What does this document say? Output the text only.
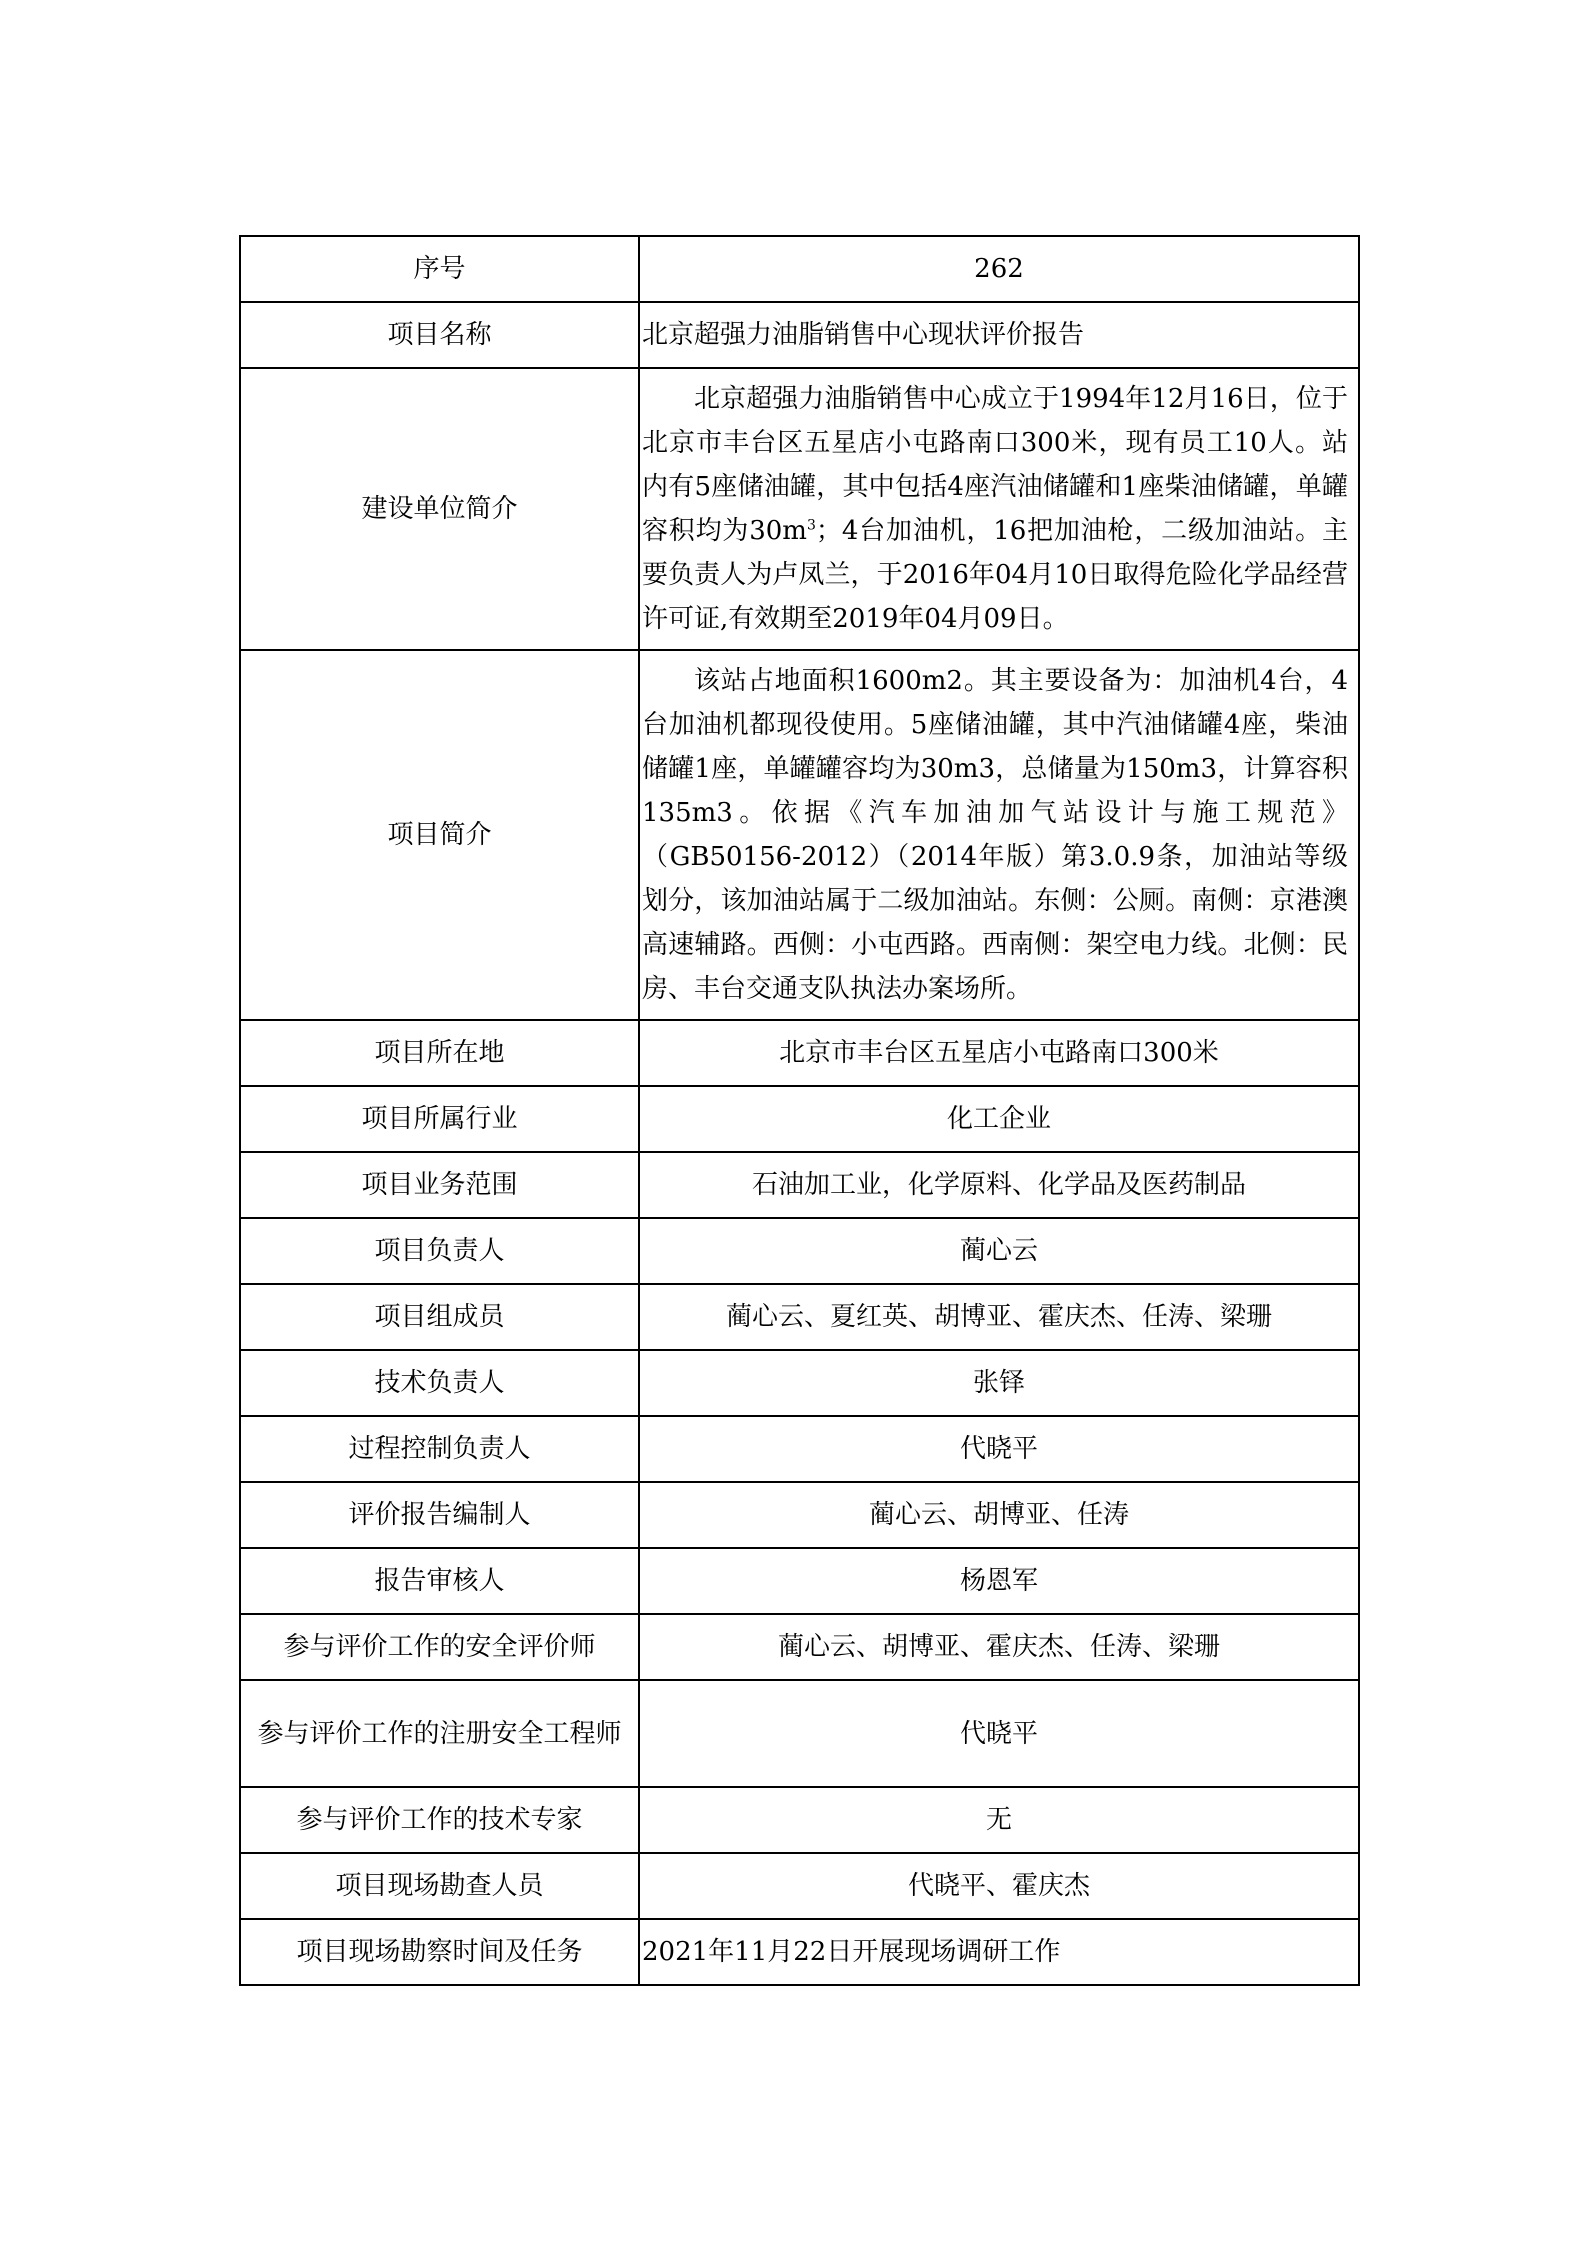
序号	262
项目名称	北京超强力油脂销售中心现状评价报告
建设单位简介	北京超强力油脂销售中心成立于1994年12月16日，位于北京市丰台区五星店小屯路南口300米，现有员工10人。站内有5座储油罐，其中包括4座汽油储罐和1座柴油储罐，单罐容积均为$30m^3$；4台加油机，16把加油枪，二级加油站。主要负责人为卢凤兰，于2016年04月10日取得危险化学品经营许可证,有效期至2019年04月09日。

项目简介	该站占地面积1600m2。其主要设备为：加油机4台，4台加油机都现役使用。5座储油罐，其中汽油储罐4座，柴油储罐1座，单罐罐容均为30m3，总储量为150m3，计算容积135m3。依据《汽车加油加气站设计与施工规范》（GB50156-2012）（2014年版）第3.0.9条，加油站等级划分，该加油站属于二级加油站。东侧：公厕。南侧：京港澳高速辅路。西侧：小屯西路。西南侧：架空电力线。北侧：民房、丰台交通支队执法办案场所。

项目所在地	北京市丰台区五星店小屯路南口300米
项目所属行业	化工企业
项目业务范围	石油加工业，化学原料、化学品及医药制品
项目负责人	蔺心云
项目组成员	蔺心云、夏红英、胡博亚、霍庆杰、任涛、梁珊
技术负责人	张铎
过程控制负责人	代晓平
评价报告编制人	蔺心云、胡博亚、任涛
报告审核人	杨恩军
参与评价工作的安全评价师	蔺心云、胡博亚、霍庆杰、任涛、梁珊
参与评价工作的注册安全工程师	代晓平
参与评价工作的技术专家	无
项目现场勘查人员	代晓平、霍庆杰
项目现场勘察时间及任务	2021年11月22日开展现场调研工作
